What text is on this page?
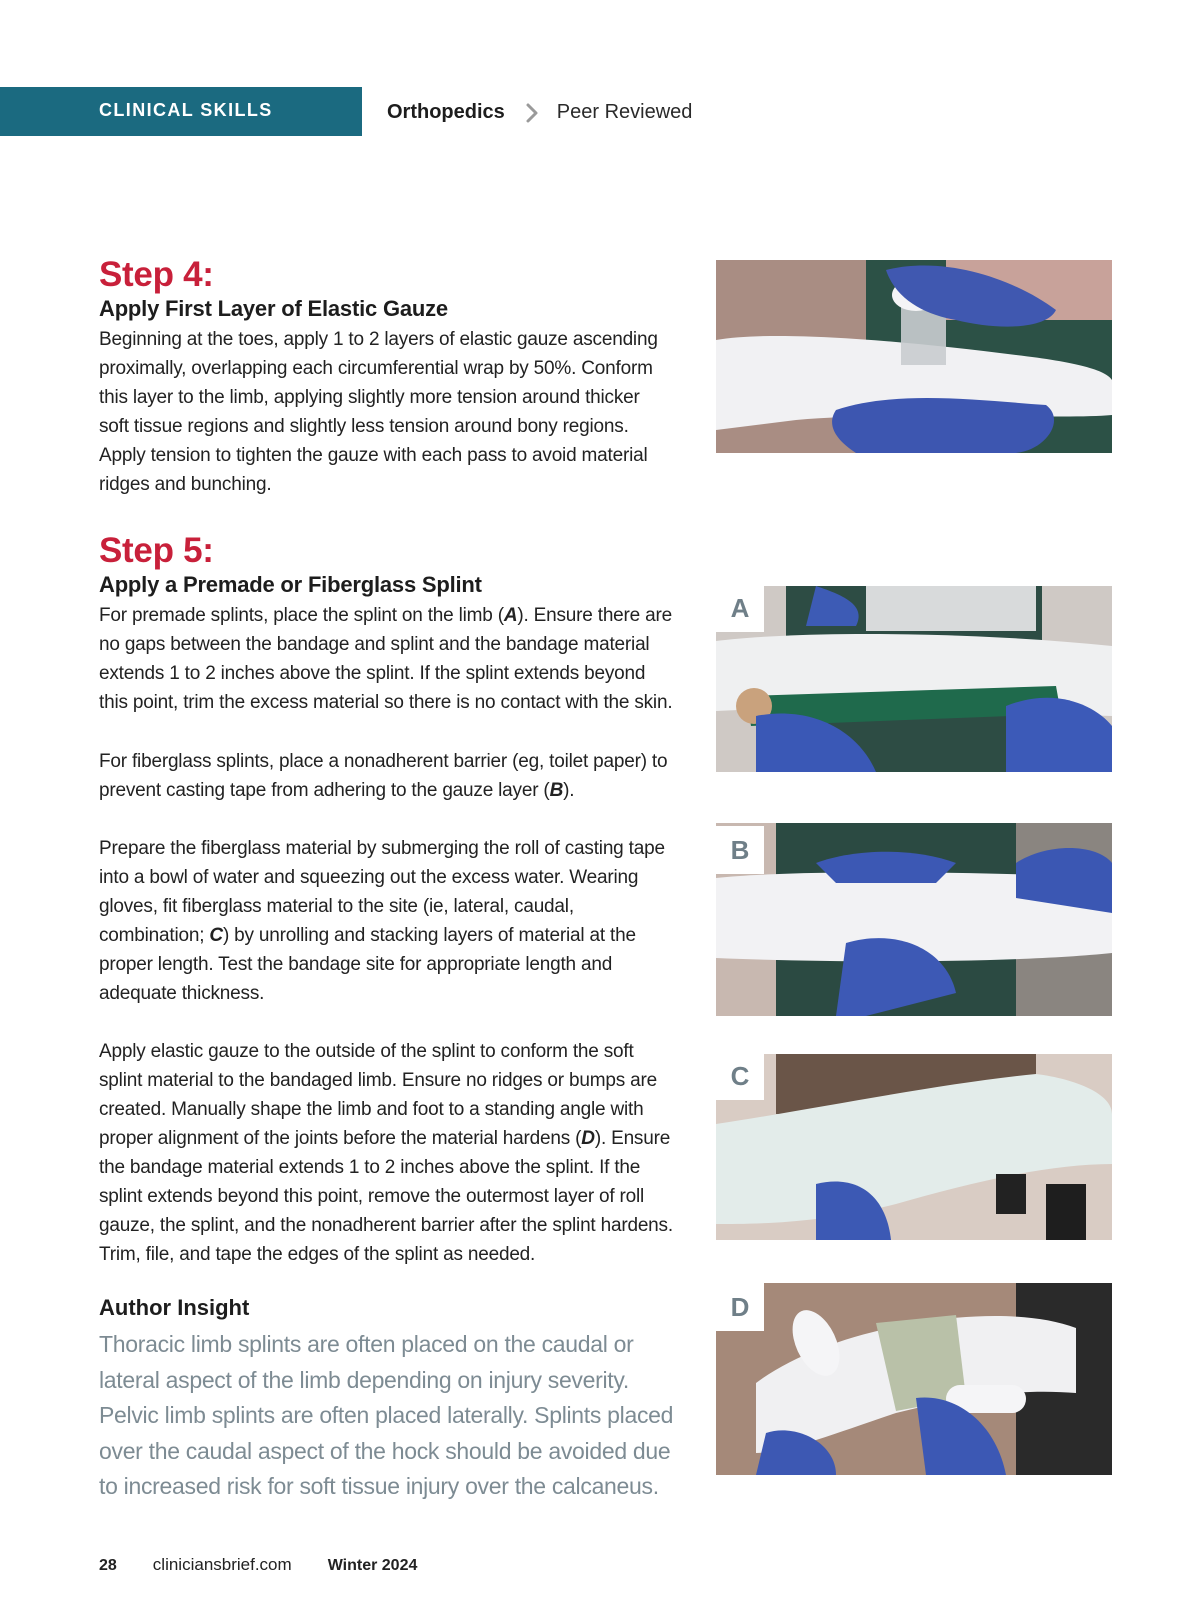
CLINICAL SKILLS	Orthopedics	Peer Reviewed
Step 4:
Apply First Layer of Elastic Gauze

Beginning at the toes, apply 1 to 2 layers of elastic gauze ascending proximally, overlapping each circumferential wrap by 50%. Conform this layer to the limb, applying slightly more tension around thicker soft tissue regions and slightly less tension around bony regions. Apply tension to tighten the gauze with each pass to avoid material ridges and bunching.

Step 5:
Apply a Premade or Fiberglass Splint

For premade splints, place the splint on the limb (A). Ensure there are no gaps between the bandage and splint and the bandage material extends 1 to 2 inches above the splint. If the splint extends beyond this point, trim the excess material so there is no contact with the skin.

For fiberglass splints, place a nonadherent barrier (eg, toilet paper) to prevent casting tape from adhering to the gauze layer (B).

Prepare the fiberglass material by submerging the roll of casting tape into a bowl of water and squeezing out the excess water. Wearing gloves, fit fiberglass material to the site (ie, lateral, caudal, combination; C) by unrolling and stacking layers of material at the proper length. Test the bandage site for appropriate length and adequate thickness.

Apply elastic gauze to the outside of the splint to conform the soft splint material to the bandaged limb. Ensure no ridges or bumps are created. Manually shape the limb and foot to a standing angle with proper alignment of the joints before the material hardens (D). Ensure the bandage material extends 1 to 2 inches above the splint. If the splint extends beyond this point, remove the outermost layer of roll gauze, the splint, and the nonadherent barrier after the splint hardens. Trim, file, and tape the edges of the splint as needed.

Author Insight

Thoracic limb splints are often placed on the caudal or lateral aspect of the limb depending on injury severity. Pelvic limb splints are often placed laterally. Splints placed over the caudal aspect of the hock should be avoided due to increased risk for soft tissue injury over the calcaneus.

A
B
C
D
28 cliniciansbrief.com Winter 2024
